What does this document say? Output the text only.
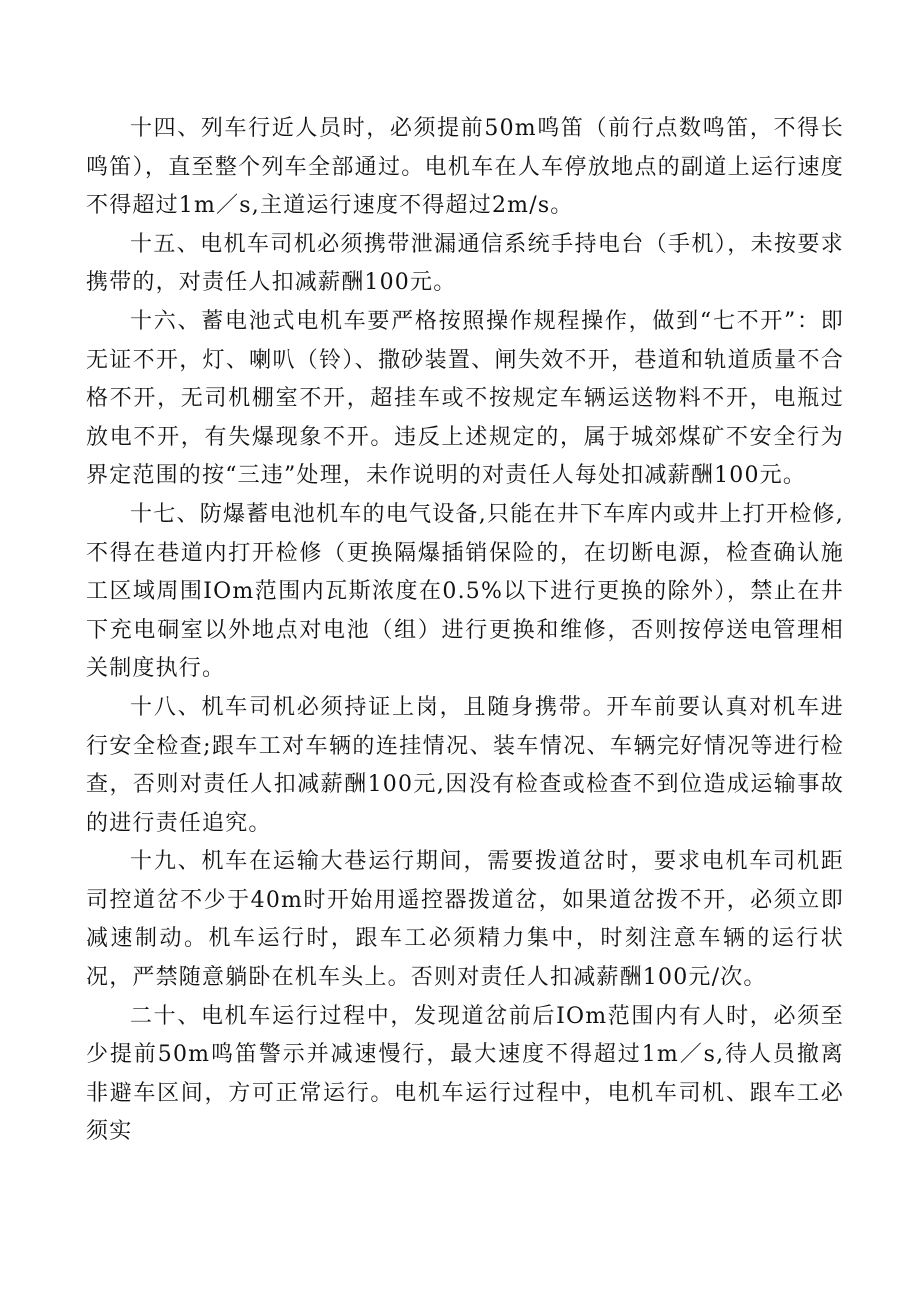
十四、列车行近人员时，必须提前50m鸣笛（前行点数鸣笛，不得长鸣笛），直至整个列车全部通过。电机车在人车停放地点的副道上运行速度不得超过1m／s,主道运行速度不得超过2m/s。

十五、电机车司机必须携带泄漏通信系统手持电台（手机），未按要求携带的，对责任人扣减薪酬100元。

十六、蓄电池式电机车要严格按照操作规程操作，做到“七不开”：即无证不开，灯、喇叭（铃）、撒砂装置、闸失效不开，巷道和轨道质量不合格不开，无司机棚室不开，超挂车或不按规定车辆运送物料不开，电瓶过放电不开，有失爆现象不开。违反上述规定的，属于城郊煤矿不安全行为界定范围的按“三违”处理，未作说明的对责任人每处扣减薪酬100元。

十七、防爆蓄电池机车的电气设备,只能在井下车库内或井上打开检修,不得在巷道内打开检修（更换隔爆插销保险的，在切断电源，检查确认施工区域周围IOm范围内瓦斯浓度在0.5%以下进行更换的除外），禁止在井下充电硐室以外地点对电池（组）进行更换和维修，否则按停送电管理相关制度执行。

十八、机车司机必须持证上岗，且随身携带。开车前要认真对机车进行安全检查;跟车工对车辆的连挂情况、装车情况、车辆完好情况等进行检查，否则对责任人扣减薪酬100元,因没有检查或检查不到位造成运输事故的进行责任追究。

十九、机车在运输大巷运行期间，需要拨道岔时，要求电机车司机距司控道岔不少于40m时开始用遥控器拨道岔，如果道岔拨不开，必须立即减速制动。机车运行时，跟车工必须精力集中，时刻注意车辆的运行状况，严禁随意躺卧在机车头上。否则对责任人扣减薪酬100元/次。

二十、电机车运行过程中，发现道岔前后IOm范围内有人时，必须至少提前50m鸣笛警示并减速慢行，最大速度不得超过1m／s,待人员撤离非避车区间，方可正常运行。电机车运行过程中，电机车司机、跟车工必须实
